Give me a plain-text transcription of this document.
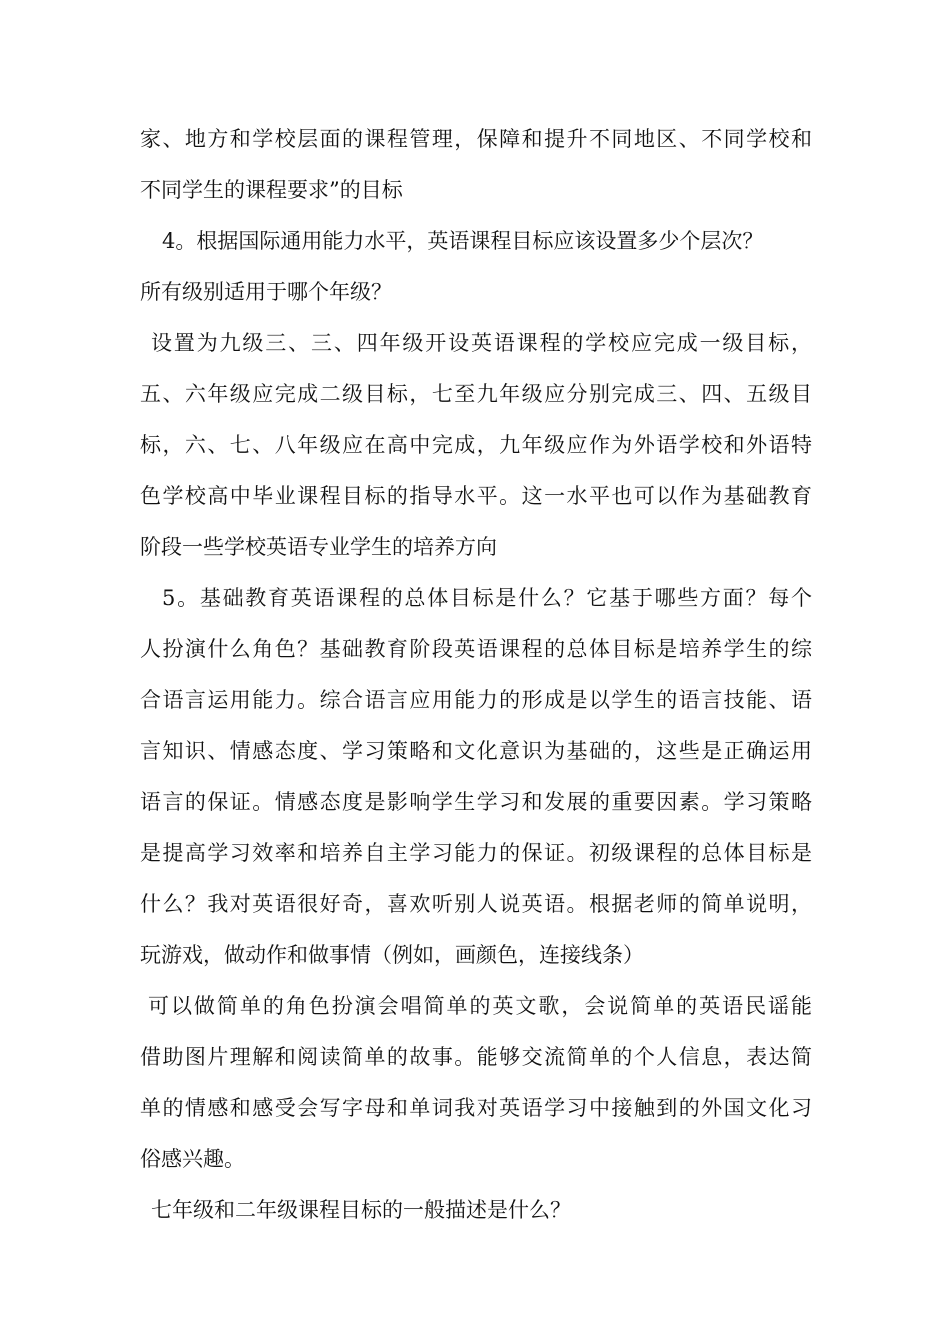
家、地方和学校层面的课程管理，保障和提升不同地区、不同学校和
不同学生的课程要求”的目标
4。根据国际通用能力水平，英语课程目标应该设置多少个层次？
所有级别适用于哪个年级？
设置为九级三、三、四年级开设英语课程的学校应完成一级目标，
五、六年级应完成二级目标，七至九年级应分别完成三、四、五级目
标，六、七、八年级应在高中完成，九年级应作为外语学校和外语特
色学校高中毕业课程目标的指导水平。这一水平也可以作为基础教育
阶段一些学校英语专业学生的培养方向
5。基础教育英语课程的总体目标是什么？它基于哪些方面？每个
人扮演什么角色？基础教育阶段英语课程的总体目标是培养学生的综
合语言运用能力。综合语言应用能力的形成是以学生的语言技能、语
言知识、情感态度、学习策略和文化意识为基础的，这些是正确运用
语言的保证。情感态度是影响学生学习和发展的重要因素。学习策略
是提高学习效率和培养自主学习能力的保证。初级课程的总体目标是
什么？我对英语很好奇，喜欢听别人说英语。根据老师的简单说明，
玩游戏，做动作和做事情（例如，画颜色，连接线条）
可以做简单的角色扮演会唱简单的英文歌，会说简单的英语民谣能
借助图片理解和阅读简单的故事。能够交流简单的个人信息，表达简
单的情感和感受会写字母和单词我对英语学习中接触到的外国文化习
俗感兴趣。
七年级和二年级课程目标的一般描述是什么？
